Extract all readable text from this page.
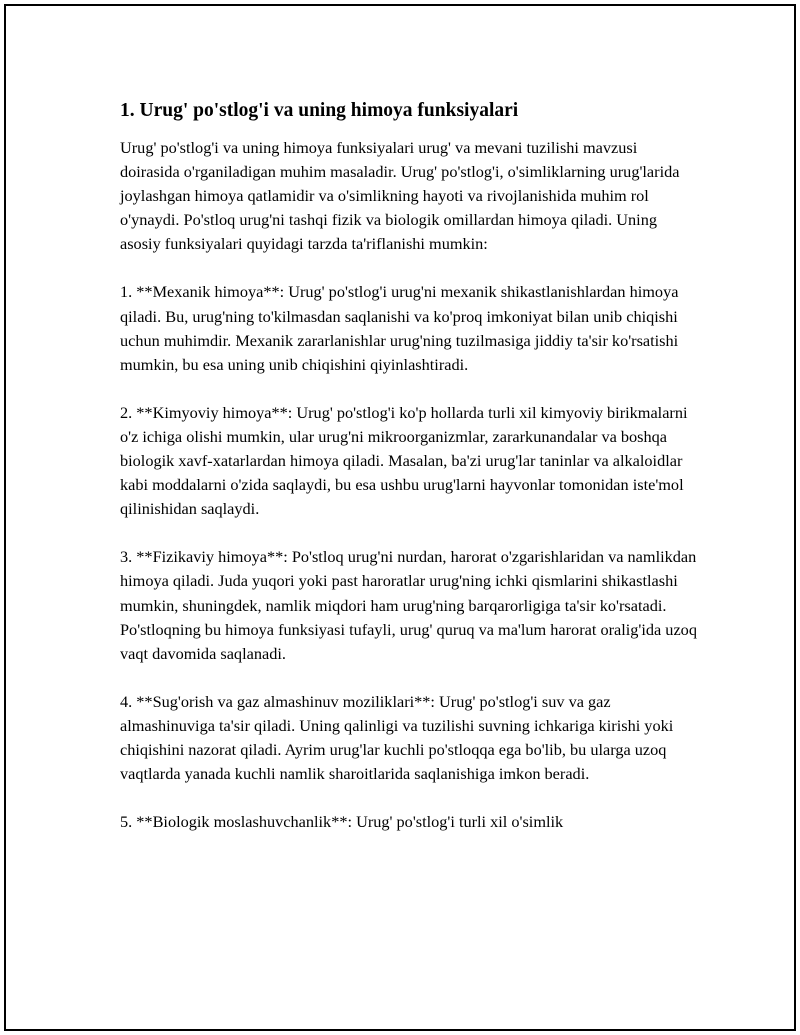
1. Urug' po'stlog'i va uning himoya funksiyalari

Urug' po'stlog'i va uning himoya funksiyalari urug' va mevani tuzilishi mavzusi doirasida o'rganiladigan muhim masaladir. Urug' po'stlog'i, o'simliklarning urug'larida joylashgan himoya qatlamidir va o'simlikning hayoti va rivojlanishida muhim rol o'ynaydi. Po'stloq urug'ni tashqi fizik va biologik omillardan himoya qiladi. Uning asosiy funksiyalari quyidagi tarzda ta'riflanishi mumkin:

1. **Mexanik himoya**: Urug' po'stlog'i urug'ni mexanik shikastlanishlardan himoya qiladi. Bu, urug'ning to'kilmasdan saqlanishi va ko'proq imkoniyat bilan unib chiqishi uchun muhimdir. Mexanik zararlanishlar urug'ning tuzilmasiga jiddiy ta'sir ko'rsatishi mumkin, bu esa uning unib chiqishini qiyinlashtiradi.

2. **Kimyoviy himoya**: Urug' po'stlog'i ko'p hollarda turli xil kimyoviy birikmalarni o'z ichiga olishi mumkin, ular urug'ni mikroorganizmlar, zararkunandalar va boshqa biologik xavf-xatarlardan himoya qiladi. Masalan, ba'zi urug'lar taninlar va alkaloidlar kabi moddalarni o'zida saqlaydi, bu esa ushbu urug'larni hayvonlar tomonidan iste'mol qilinishidan saqlaydi.

3. **Fizikaviy himoya**: Po'stloq urug'ni nurdan, harorat o'zgarishlaridan va namlikdan himoya qiladi. Juda yuqori yoki past haroratlar urug'ning ichki qismlarini shikastlashi mumkin, shuningdek, namlik miqdori ham urug'ning barqarorligiga ta'sir ko'rsatadi. Po'stloqning bu himoya funksiyasi tufayli, urug' quruq va ma'lum harorat oralig'ida uzoq vaqt davomida saqlanadi.

4. **Sug'orish va gaz almashinuv moziliklari**: Urug' po'stlog'i suv va gaz almashinuviga ta'sir qiladi. Uning qalinligi va tuzilishi suvning ichkariga kirishi yoki chiqishini nazorat qiladi. Ayrim urug'lar kuchli po'stloqqa ega bo'lib, bu ularga uzoq vaqtlarda yanada kuchli namlik sharoitlarida saqlanishiga imkon beradi.

5. **Biologik moslashuvchanlik**: Urug' po'stlog'i turli xil o'simlik
